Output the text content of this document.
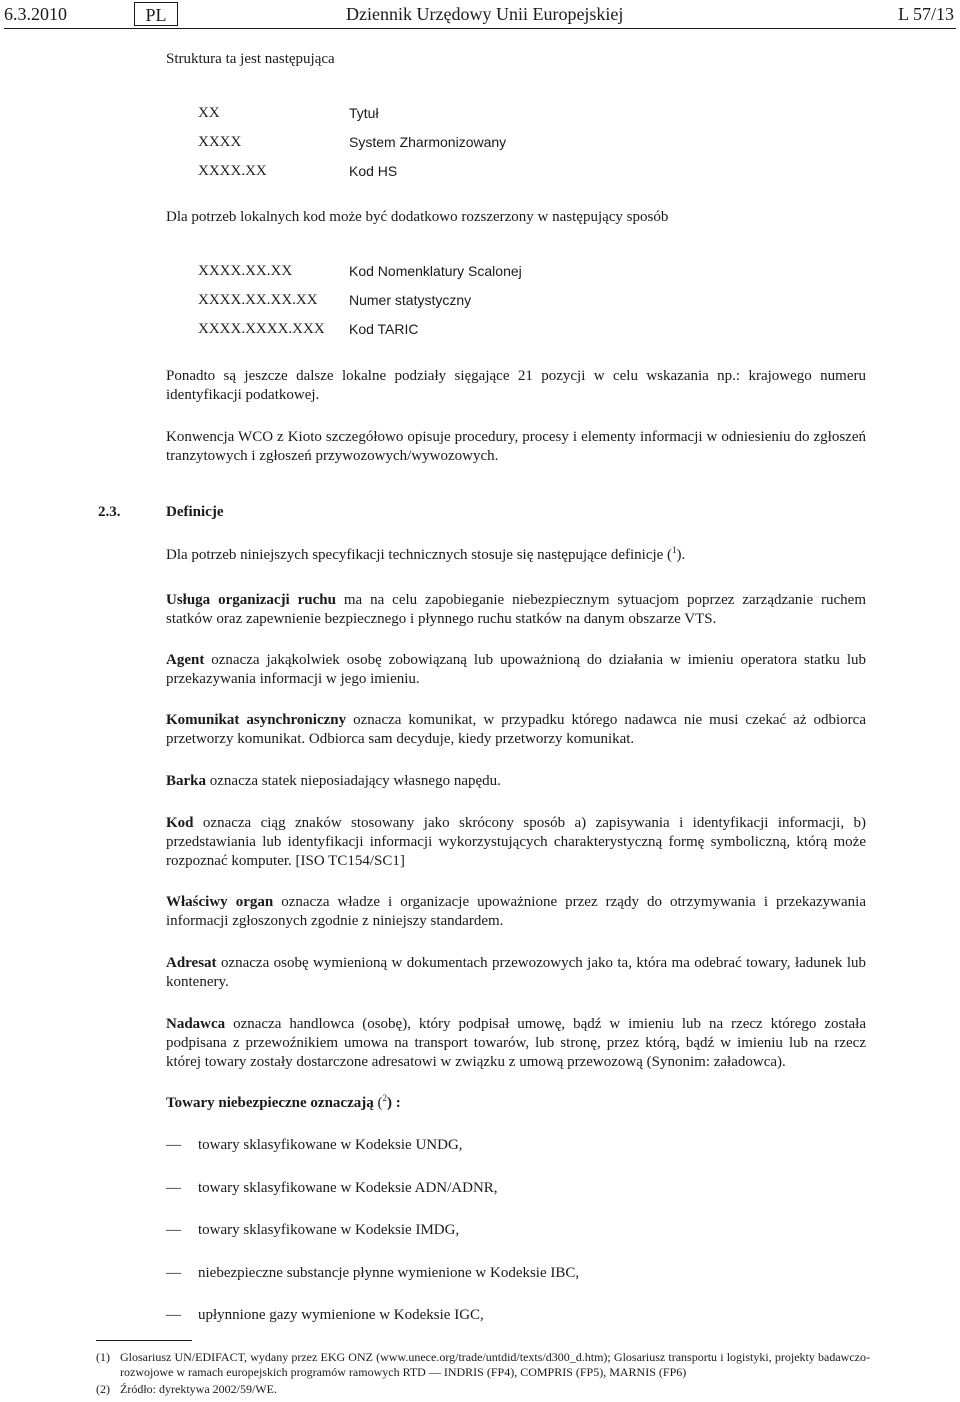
6.3.2010	PL	Dziennik Urzędowy Unii Europejskiej	L 57/13
Struktura ta jest następująca
XX	Tytuł
XXXX	System Zharmonizowany
XXXX.XX	Kod HS
Dla potrzeb lokalnych kod może być dodatkowo rozszerzony w następujący sposób
XXXX.XX.XX	Kod Nomenklatury Scalonej
XXXX.XX.XX.XX Numer statystyczny
XXXX.XXXX.XXX Kod TARIC
Ponadto są jeszcze dalsze lokalne podziały sięgające 21 pozycji w celu wskazania np.: krajowego numeru identyfikacji podatkowej.
Konwencja WCO z Kioto szczegółowo opisuje procedury, procesy i elementy informacji w odniesieniu do zgłoszeń tranzytowych i zgłoszeń przywozowych/wywozowych.
2.3.	Definicje
Dla potrzeb niniejszych specyfikacji technicznych stosuje się następujące definicje ($^1$).
Usługa organizacji ruchu ma na celu zapobieganie niebezpiecznym sytuacjom poprzez zarządzanie ruchem statków oraz zapewnienie bezpiecznego i płynnego ruchu statków na danym obszarze VTS.
Agent oznacza jakąkolwiek osobę zobowiązaną lub upoważnioną do działania w imieniu operatora statku lub przekazywania informacji w jego imieniu.
Komunikat asynchroniczny oznacza komunikat, w przypadku którego nadawca nie musi czekać aż odbiorca przetworzy komunikat. Odbiorca sam decyduje, kiedy przetworzy komunikat.
Barka oznacza statek nieposiadający własnego napędu.
Kod oznacza ciąg znaków stosowany jako skrócony sposób a) zapisywania i identyfikacji informacji, b) przedstawiania lub identyfikacji informacji wykorzystujących charakterystyczną formę symboliczną, którą może rozpoznać komputer. [ISO TC154/SC1]
Właściwy organ oznacza władze i organizacje upoważnione przez rządy do otrzymywania i przekazywania informacji zgłoszonych zgodnie z niniejszy standardem.
Adresat oznacza osobę wymienioną w dokumentach przewozowych jako ta, która ma odebrać towary, ładunek lub kontenery.
Nadawca oznacza handlowca (osobę), który podpisał umowę, bądź w imieniu lub na rzecz którego została podpisana z przewoźnikiem umowa na transport towarów, lub stronę, przez którą, bądź w imieniu lub na rzecz której towary zostały dostarczone adresatowi w związku z umową przewozową (Synonim: załadowca).
Towary niebezpieczne oznaczają ($^2$) :
— towary sklasyfikowane w Kodeksie UNDG,
— towary sklasyfikowane w Kodeksie ADN/ADNR,
— towary sklasyfikowane w Kodeksie IMDG,
— niebezpieczne substancje płynne wymienione w Kodeksie IBC,
— upłynnione gazy wymienione w Kodeksie IGC,
(1) Glosariusz UN/EDIFACT, wydany przez EKG ONZ (www.unece.org/trade/untdid/texts/d300_d.htm); Glosariusz transportu i logistyki, projekty badawczo-rozwojowe w ramach europejskich programów ramowych RTD — INDRIS (FP4), COMPRIS (FP5), MARNIS (FP6)
(2) Źródło: dyrektywa 2002/59/WE.
